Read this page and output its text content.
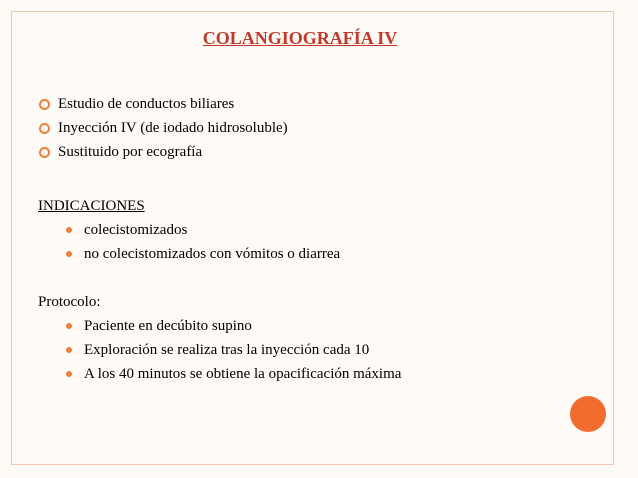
COLANGIOGRAFÍA IV
Estudio de conductos biliares
Inyección IV (de iodado hidrosoluble)
Sustituido por ecografía
INDICACIONES
colecistomizados
no colecistomizados con vómitos o diarrea
Protocolo:
Paciente en decúbito supino
Exploración se realiza tras la inyección cada 10
A los 40 minutos se obtiene la opacificación máxima
